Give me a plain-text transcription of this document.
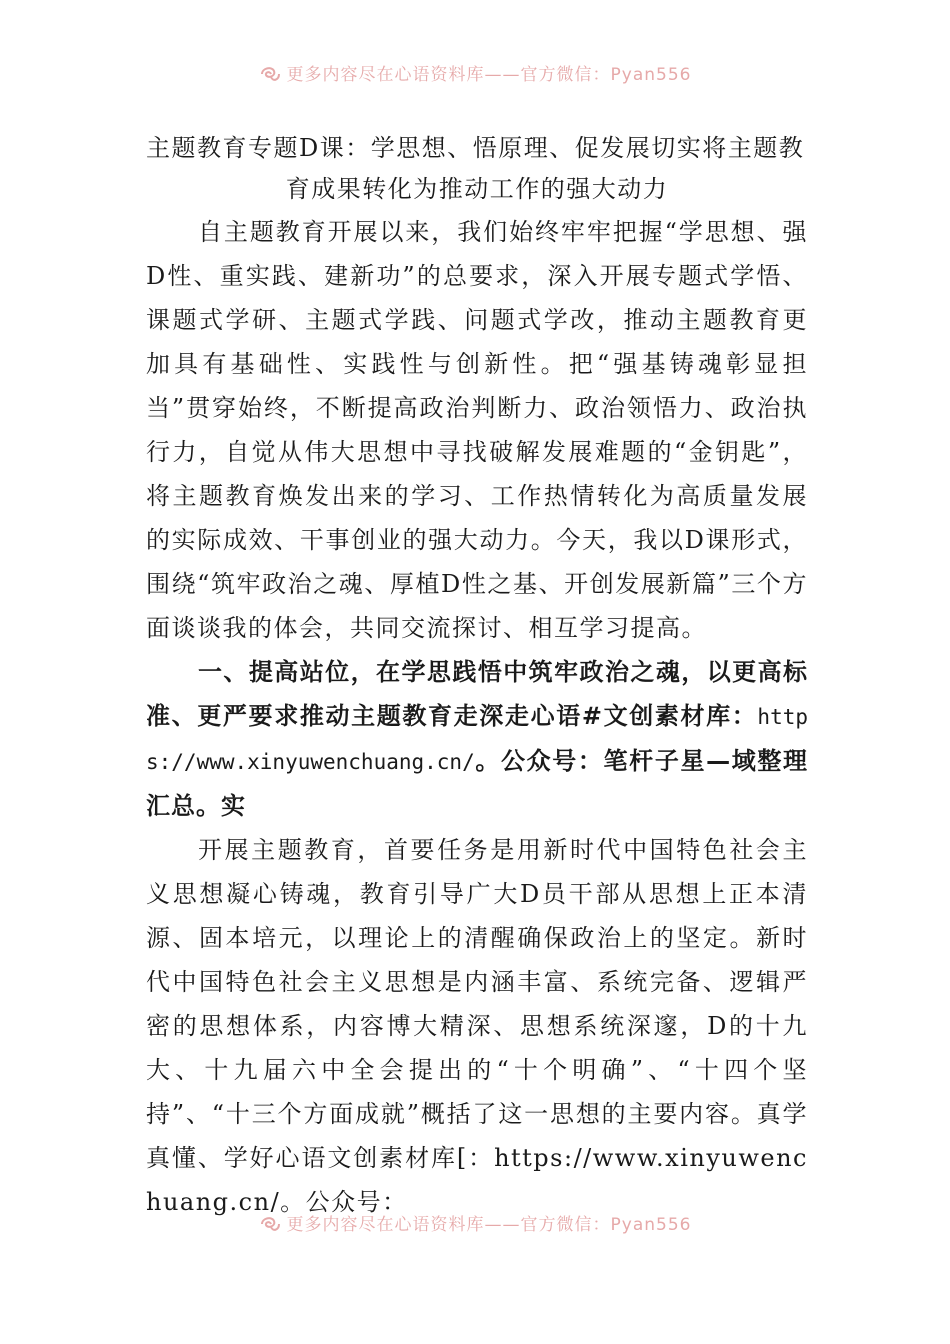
更多内容尽在心语资料库——官方微信：Pyan556
主题教育专题D课：学思想、悟原理、促发展切实将主题教
育成果转化为推动工作的强大动力

自主题教育开展以来，我们始终牢牢把握“学思想、强D性、重实践、建新功”的总要求，深入开展专题式学悟、课题式学研、主题式学践、问题式学改，推动主题教育更加具有基础性、实践性与创新性。把“强基铸魂彰显担当”贯穿始终，不断提高政治判断力、政治领悟力、政治执行力，自觉从伟大思想中寻找破解发展难题的“金钥匙”，将主题教育焕发出来的学习、工作热情转化为高质量发展的实际成效、干事创业的强大动力。今天，我以D课形式，围绕“筑牢政治之魂、厚植D性之基、开创发展新篇”三个方面谈谈我的体会，共同交流探讨、相互学习提高。

一、提高站位，在学思践悟中筑牢政治之魂，以更高标准、更严要求推动主题教育走深走心语#文创素材库：https://www.xinyuwenchuang.cn/。公众号：笔杆子星—域整理汇总。实

开展主题教育，首要任务是用新时代中国特色社会主义思想凝心铸魂，教育引导广大D员干部从思想上正本清源、固本培元，以理论上的清醒确保政治上的坚定。新时代中国特色社会主义思想是内涵丰富、系统完备、逻辑严密的思想体系，内容博大精深、思想系统深邃，D的十九大、十九届六中全会提出的“十个明确”、“十四个坚持”、“十三个方面成就”概括了这一思想的主要内容。真学真懂、学好心语文创素材库[：https://www.xinyuwenchuang.cn/。公众号：

更多内容尽在心语资料库——官方微信：Pyan556
